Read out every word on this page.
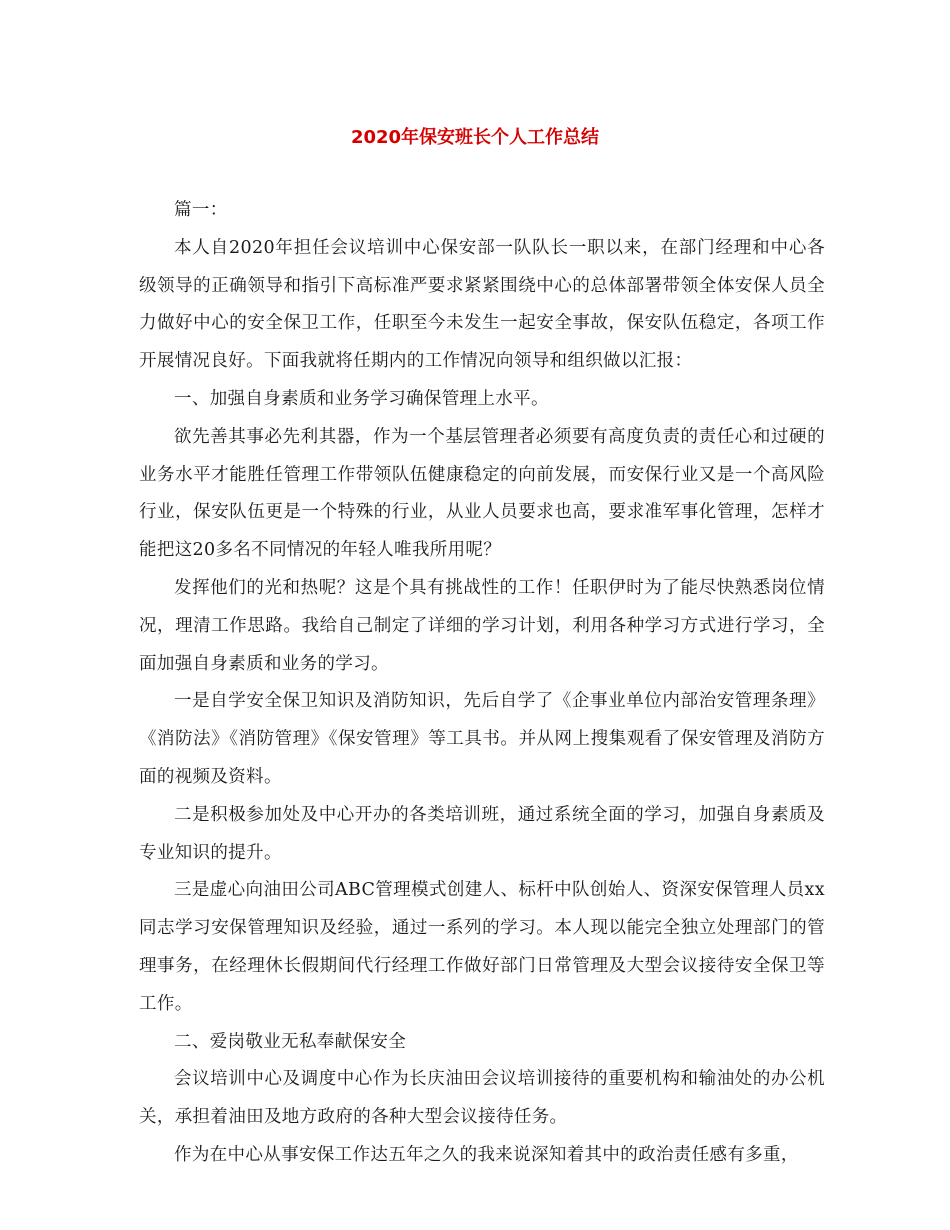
2020年保安班长个人工作总结

篇一：

本人自2020年担任会议培训中心保安部一队队长一职以来，在部门经理和中心各级领导的正确领导和指引下高标准严要求紧紧围绕中心的总体部署带领全体安保人员全力做好中心的安全保卫工作，任职至今未发生一起安全事故，保安队伍稳定，各项工作开展情况良好。下面我就将任期内的工作情况向领导和组织做以汇报：

一、加强自身素质和业务学习确保管理上水平。

欲先善其事必先利其器，作为一个基层管理者必须要有高度负责的责任心和过硬的业务水平才能胜任管理工作带领队伍健康稳定的向前发展，而安保行业又是一个高风险行业，保安队伍更是一个特殊的行业，从业人员要求也高，要求准军事化管理，怎样才能把这20多名不同情况的年轻人唯我所用呢？

发挥他们的光和热呢？这是个具有挑战性的工作！任职伊时为了能尽快熟悉岗位情况，理清工作思路。我给自己制定了详细的学习计划，利用各种学习方式进行学习，全面加强自身素质和业务的学习。

一是自学安全保卫知识及消防知识，先后自学了《企事业单位内部治安管理条理》《消防法》《消防管理》《保安管理》等工具书。并从网上搜集观看了保安管理及消防方面的视频及资料。

二是积极参加处及中心开办的各类培训班，通过系统全面的学习，加强自身素质及专业知识的提升。

三是虚心向油田公司ABC管理模式创建人、标杆中队创始人、资深安保管理人员xx同志学习安保管理知识及经验，通过一系列的学习。本人现以能完全独立处理部门的管理事务，在经理休长假期间代行经理工作做好部门日常管理及大型会议接待安全保卫等工作。

二、爱岗敬业无私奉献保安全

会议培训中心及调度中心作为长庆油田会议培训接待的重要机构和输油处的办公机关，承担着油田及地方政府的各种大型会议接待任务。

作为在中心从事安保工作达五年之久的我来说深知着其中的政治责任感有多重，
